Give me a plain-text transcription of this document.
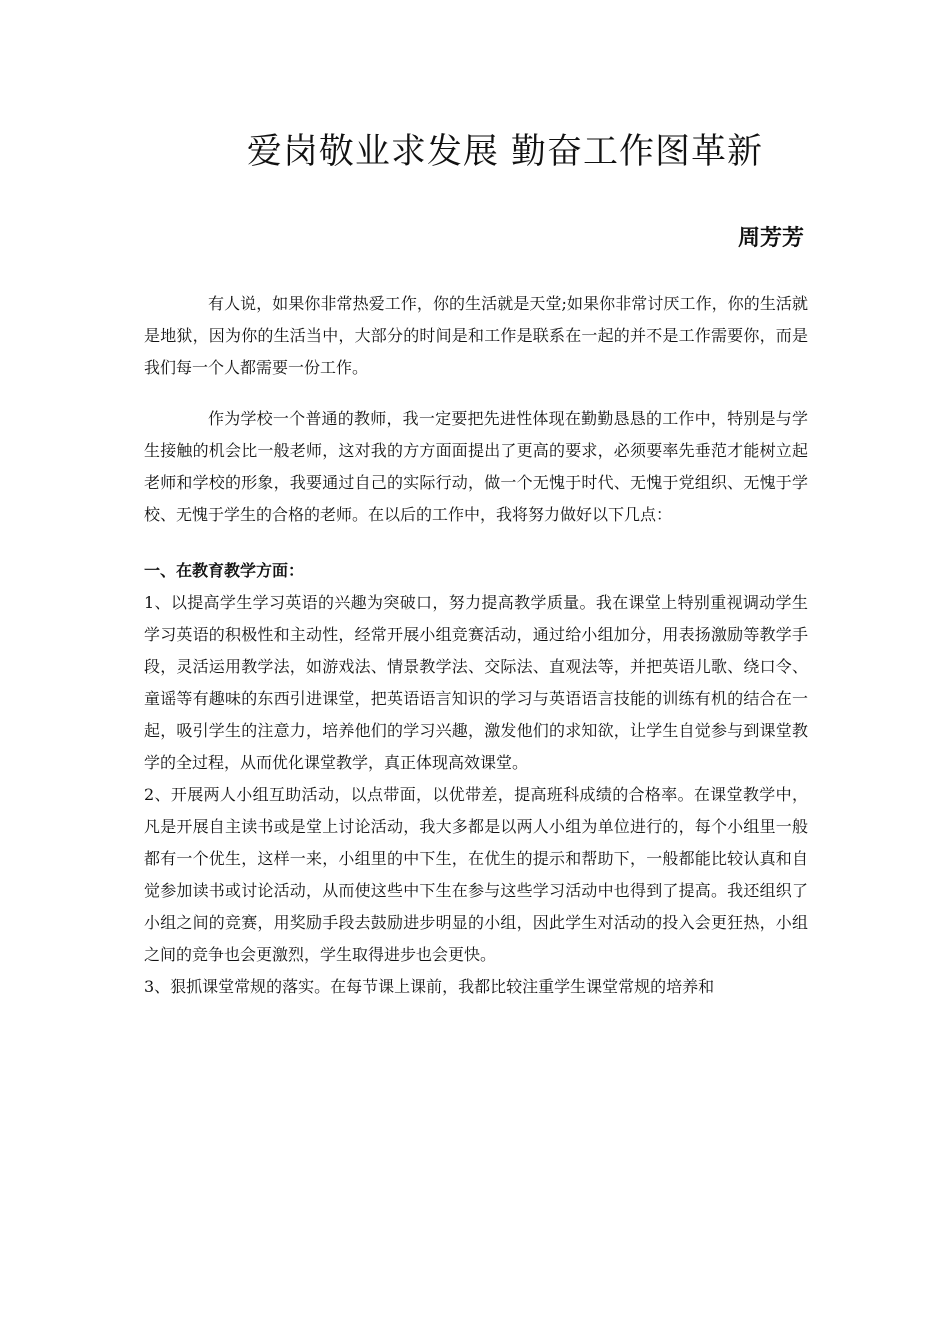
爱岗敬业求发展 勤奋工作图革新
周芳芳

有人说，如果你非常热爱工作，你的生活就是天堂;如果你非常讨厌工作，你的生活就是地狱，因为你的生活当中，大部分的时间是和工作是联系在一起的并不是工作需要你，而是我们每一个人都需要一份工作。

作为学校一个普通的教师，我一定要把先进性体现在勤勤恳恳的工作中，特别是与学生接触的机会比一般老师，这对我的方方面面提出了更高的要求，必须要率先垂范才能树立起老师和学校的形象，我要通过自己的实际行动，做一个无愧于时代、无愧于党组织、无愧于学校、无愧于学生的合格的老师。在以后的工作中，我将努力做好以下几点：

一、在教育教学方面：

1、以提高学生学习英语的兴趣为突破口，努力提高教学质量。我在课堂上特别重视调动学生学习英语的积极性和主动性，经常开展小组竞赛活动，通过给小组加分，用表扬激励等教学手段，灵活运用教学法，如游戏法、情景教学法、交际法、直观法等，并把英语儿歌、绕口令、童谣等有趣味的东西引进课堂，把英语语言知识的学习与英语语言技能的训练有机的结合在一起，吸引学生的注意力，培养他们的学习兴趣，激发他们的求知欲，让学生自觉参与到课堂教学的全过程，从而优化课堂教学，真正体现高效课堂。

2、开展两人小组互助活动，以点带面，以优带差，提高班科成绩的合格率。在课堂教学中，凡是开展自主读书或是堂上讨论活动，我大多都是以两人小组为单位进行的，每个小组里一般都有一个优生，这样一来，小组里的中下生，在优生的提示和帮助下，一般都能比较认真和自觉参加读书或讨论活动，从而使这些中下生在参与这些学习活动中也得到了提高。我还组织了小组之间的竞赛，用奖励手段去鼓励进步明显的小组，因此学生对活动的投入会更狂热，小组之间的竞争也会更激烈，学生取得进步也会更快。

3、狠抓课堂常规的落实。在每节课上课前，我都比较注重学生课堂常规的培养和
